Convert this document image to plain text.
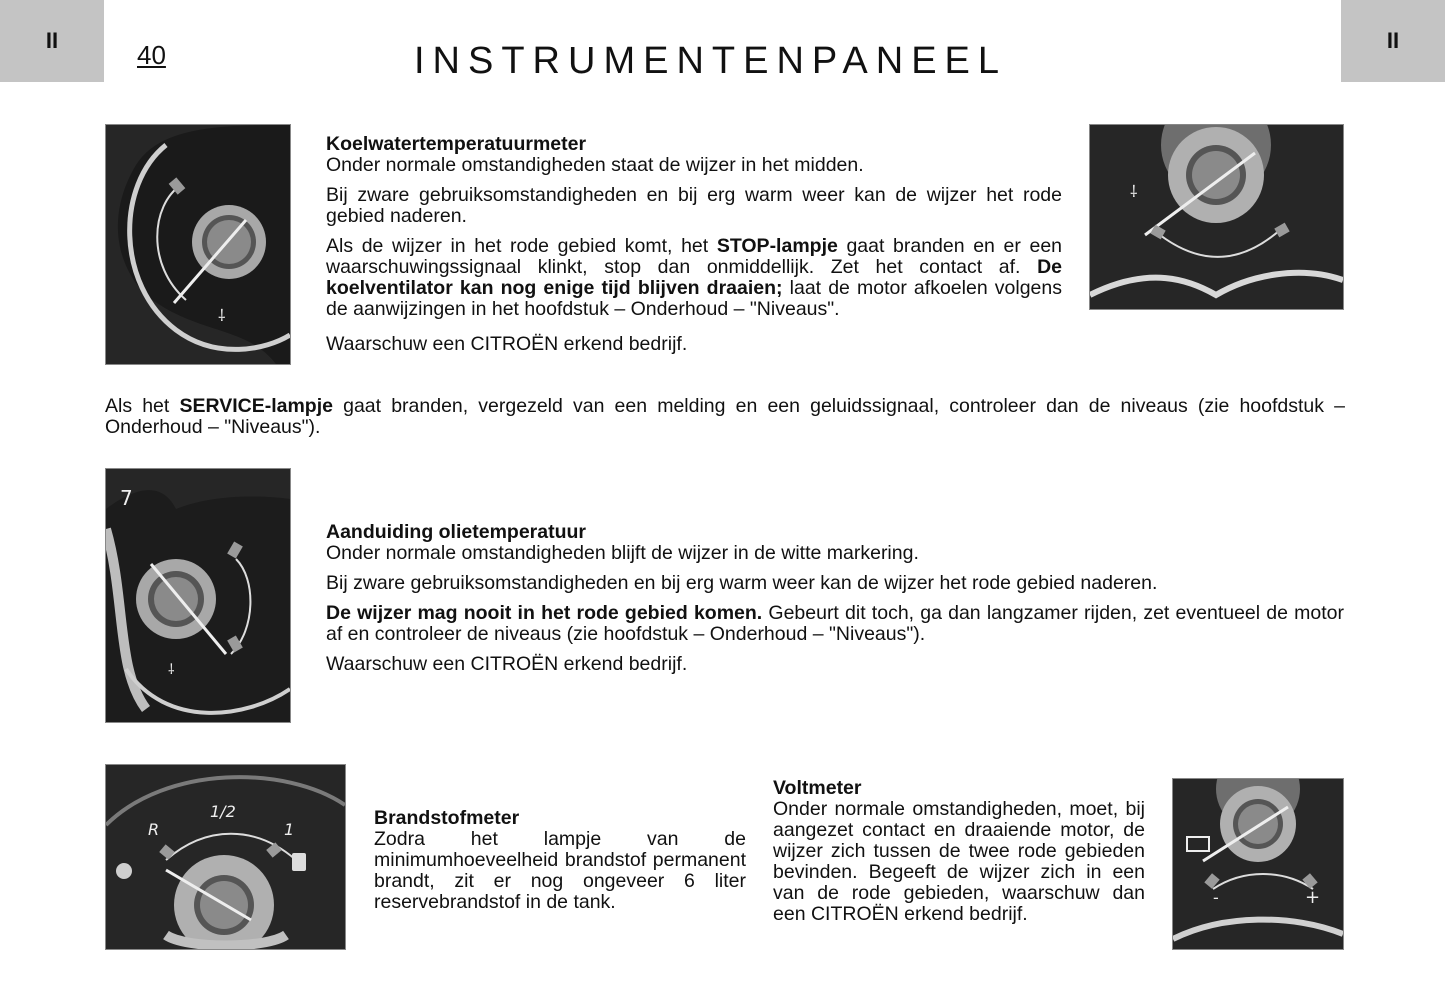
II	II
40	INSTRUMENTENPANEEL
⸸
⸸
Koelwatertemperatuurmeter

Onder normale omstandigheden staat de wijzer in het midden.

Bij zware gebruiksomstandigheden en bij erg warm weer kan de wijzer het rode gebied naderen.

Als de wijzer in het rode gebied komt, het STOP-lampje gaat branden en er een waarschuwingssignaal klinkt, stop dan onmiddellijk. Zet het contact af. De koelventilator kan nog enige tijd blijven draaien; laat de motor afkoelen volgens de aanwijzingen in het hoofdstuk – Onderhoud – "Niveaus".

Waarschuw een CITROËN erkend bedrijf.

Als het SERVICE-lampje gaat branden, vergezeld van een melding en een geluidssignaal, controleer dan de niveaus (zie hoofdstuk – Onderhoud – "Niveaus").
7
⸸
Aanduiding olietemperatuur

Onder normale omstandigheden blijft de wijzer in de witte markering.

Bij zware gebruiksomstandigheden en bij erg warm weer kan de wijzer het rode gebied naderen.

De wijzer mag nooit in het rode gebied komen. Gebeurt dit toch, ga dan langzamer rijden, zet eventueel de motor af en controleer de niveaus (zie hoofdstuk – Onderhoud – "Niveaus").

Waarschuw een CITROËN erkend bedrijf.

R
1/2
1
Brandstofmeter

Zodra het lampje van de minimumhoeveelheid brandstof permanent brandt, zit er nog ongeveer 6 liter reservebrandstof in de tank.

Voltmeter

Onder normale omstandigheden, moet, bij aangezet contact en draaiende motor, de wijzer zich tussen de twee rode gebieden bevinden. Begeeft de wijzer zich in een van de rode gebieden, waarschuw dan een CITROËN erkend bedrijf.

-	+
